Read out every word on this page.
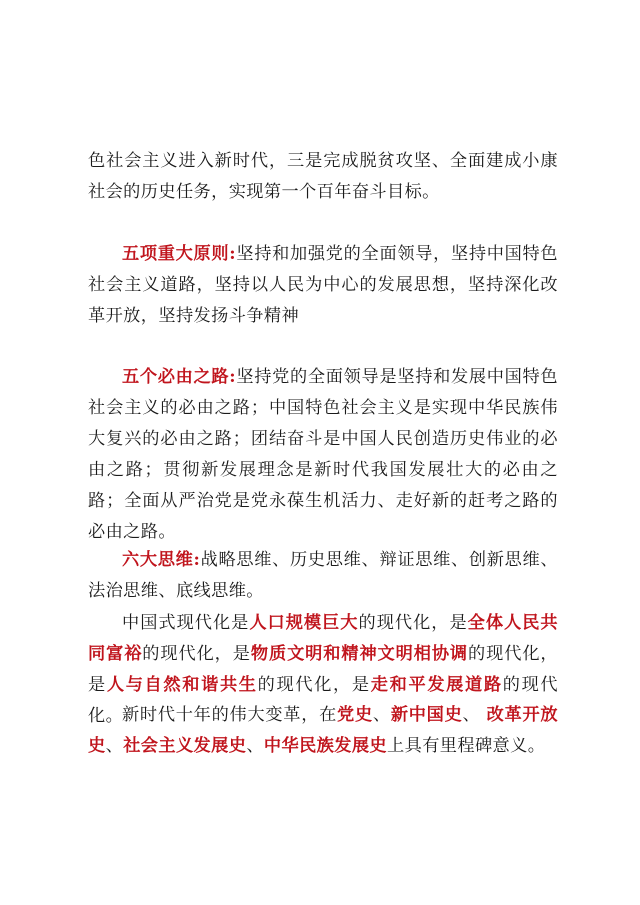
色社会主义进入新时代，三是完成脱贫攻坚、全面建成小康社会的历史任务，实现第一个百年奋斗目标。

五项重大原则:坚持和加强党的全面领导，坚持中国特色社会主义道路，坚持以人民为中心的发展思想，坚持深化改革开放，坚持发扬斗争精神

五个必由之路:坚持党的全面领导是坚持和发展中国特色社会主义的必由之路；中国特色社会主义是实现中华民族伟大复兴的必由之路；团结奋斗是中国人民创造历史伟业的必由之路；贯彻新发展理念是新时代我国发展壮大的必由之路；全面从严治党是党永葆生机活力、走好新的赶考之路的必由之路。

六大思维:战略思维、历史思维、辩证思维、创新思维、法治思维、底线思维。

中国式现代化是人口规模巨大的现代化，是全体人民共同富裕的现代化，是物质文明和精神文明相协调的现代化，是人与自然和谐共生的现代化，是走和平发展道路的现代化。

新时代十年的伟大变革，在党史、新中国史、 改革开放史、社会主义发展史、中华民族发展史上具有里程碑意义。
